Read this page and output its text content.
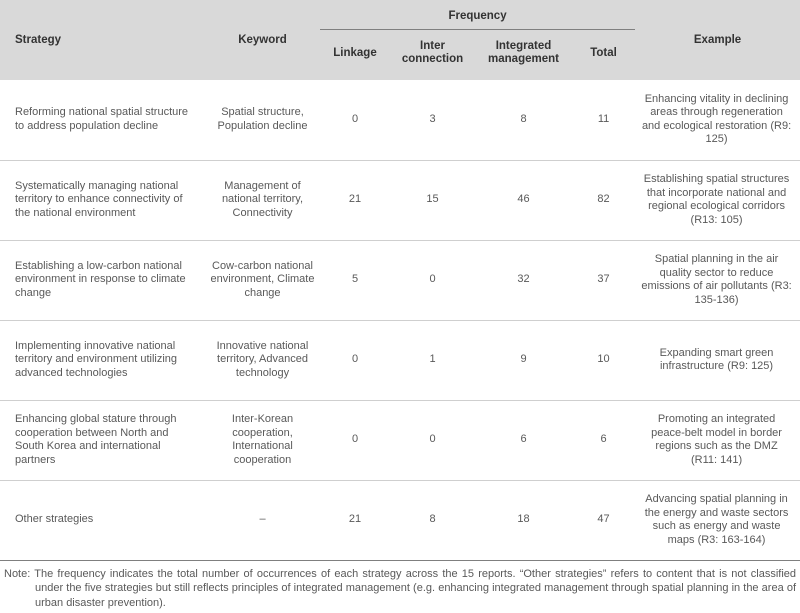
Strategy	Keyword	Frequency				Example
		Linkage	Inter connection	Integrated management	Total	
Reforming national spatial structure to address population decline	Spatial structure, Population decline	0	3	8	11	Enhancing vitality in declining areas through regeneration and ecological restoration (R9: 125)
Systematically managing national territory to enhance connectivity of the national environment	Management of national territory, Connectivity	21	15	46	82	Establishing spatial structures that incorporate national and regional ecological corridors (R13: 105)
Establishing a low-carbon national environment in response to climate change	Cow-carbon national environment, Climate change	5	0	32	37	Spatial planning in the air quality sector to reduce emissions of air pollutants (R3: 135-136)
Implementing innovative national territory and environment utilizing advanced technologies	Innovative national territory, Advanced technology	0	1	9	10	Expanding smart green infrastructure (R9: 125)
Enhancing global stature through cooperation between North and South Korea and international partners	Inter-Korean cooperation, International cooperation	0	0	6	6	Promoting an integrated peace-belt model in border regions such as the DMZ (R11: 141)
Other strategies	–	21	8	18	47	Advancing spatial planning in the energy and waste sectors such as energy and waste maps (R3: 163-164)

Note: The frequency indicates the total number of occurrences of each strategy across the 15 reports. “Other strategies” refers to content that is not classified under the five strategies but still reflects principles of integrated management (e.g. enhancing integrated management through spatial planning in the area of urban disaster prevention).
